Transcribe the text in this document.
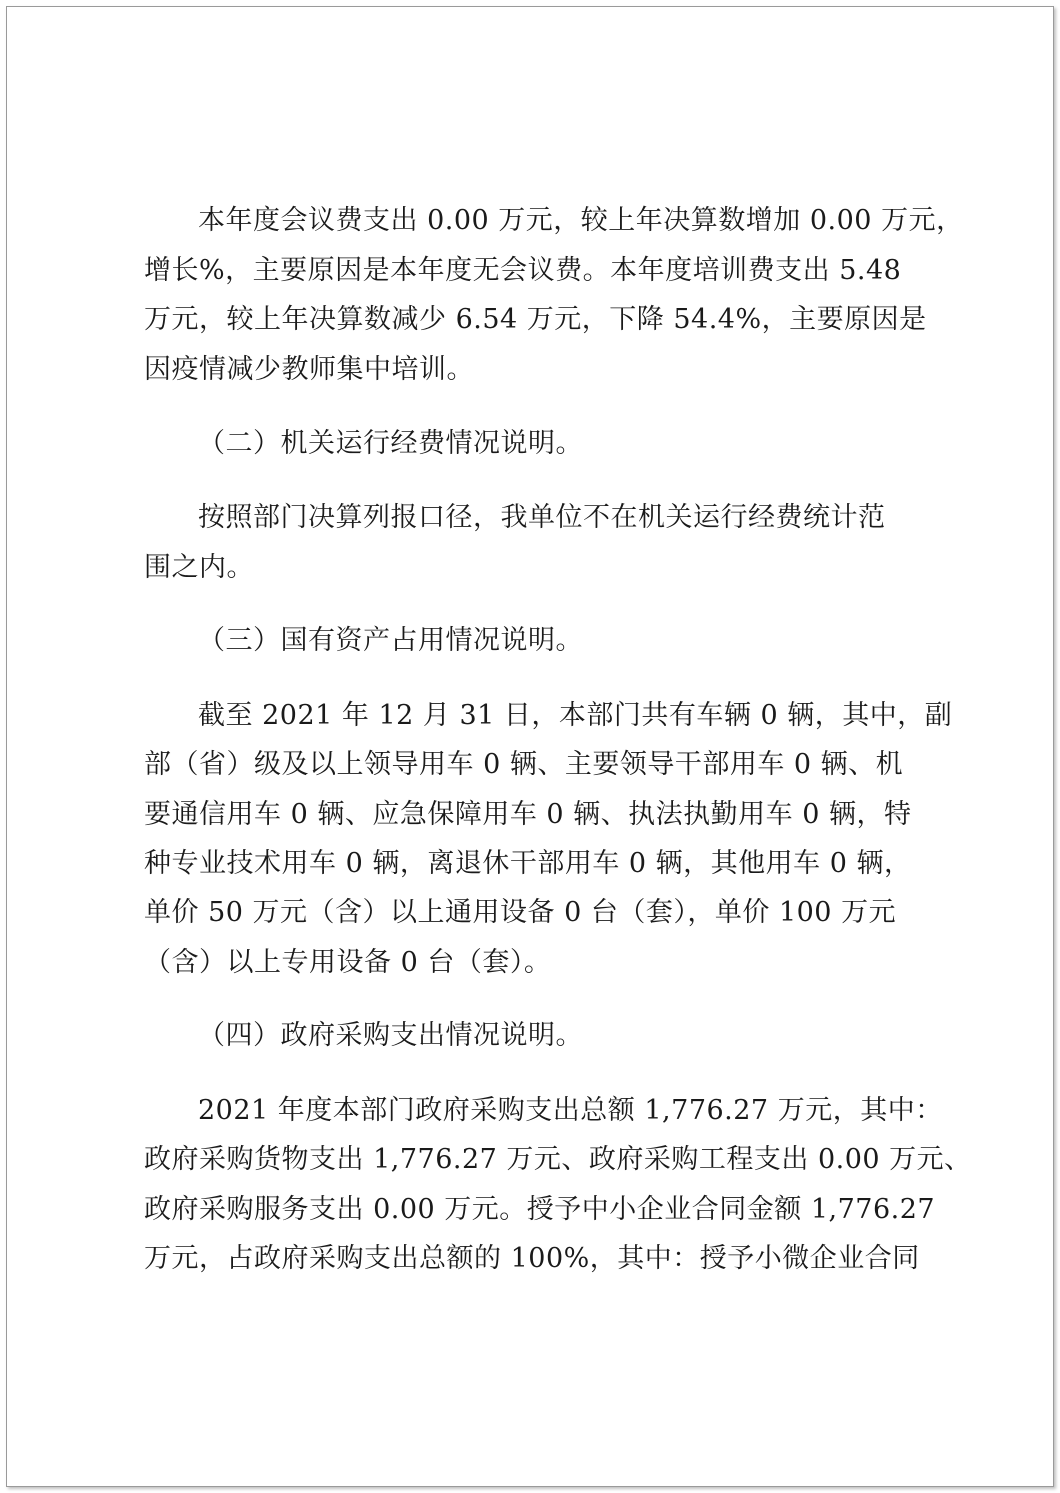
本年度会议费支出 0.00 万元，较上年决算数增加 0.00 万元，

增长%，主要原因是本年度无会议费。本年度培训费支出 5.48

万元，较上年决算数减少 6.54 万元，下降 54.4%，主要原因是

因疫情减少教师集中培训。

（二）机关运行经费情况说明。

按照部门决算列报口径，我单位不在机关运行经费统计范

围之内。

（三）国有资产占用情况说明。

截至 2021 年 12 月 31 日，本部门共有车辆 0 辆，其中，副

部（省）级及以上领导用车 0 辆、主要领导干部用车 0 辆、机

要通信用车 0 辆、应急保障用车 0 辆、执法执勤用车 0 辆，特

种专业技术用车 0 辆，离退休干部用车 0 辆，其他用车 0 辆，

单价 50 万元（含）以上通用设备 0 台（套），单价 100 万元

（含）以上专用设备 0 台（套）。

（四）政府采购支出情况说明。

2021 年度本部门政府采购支出总额 1,776.27 万元，其中：

政府采购货物支出 1,776.27 万元、政府采购工程支出 0.00 万元、

政府采购服务支出 0.00 万元。授予中小企业合同金额 1,776.27

万元，占政府采购支出总额的 100%，其中：授予小微企业合同
